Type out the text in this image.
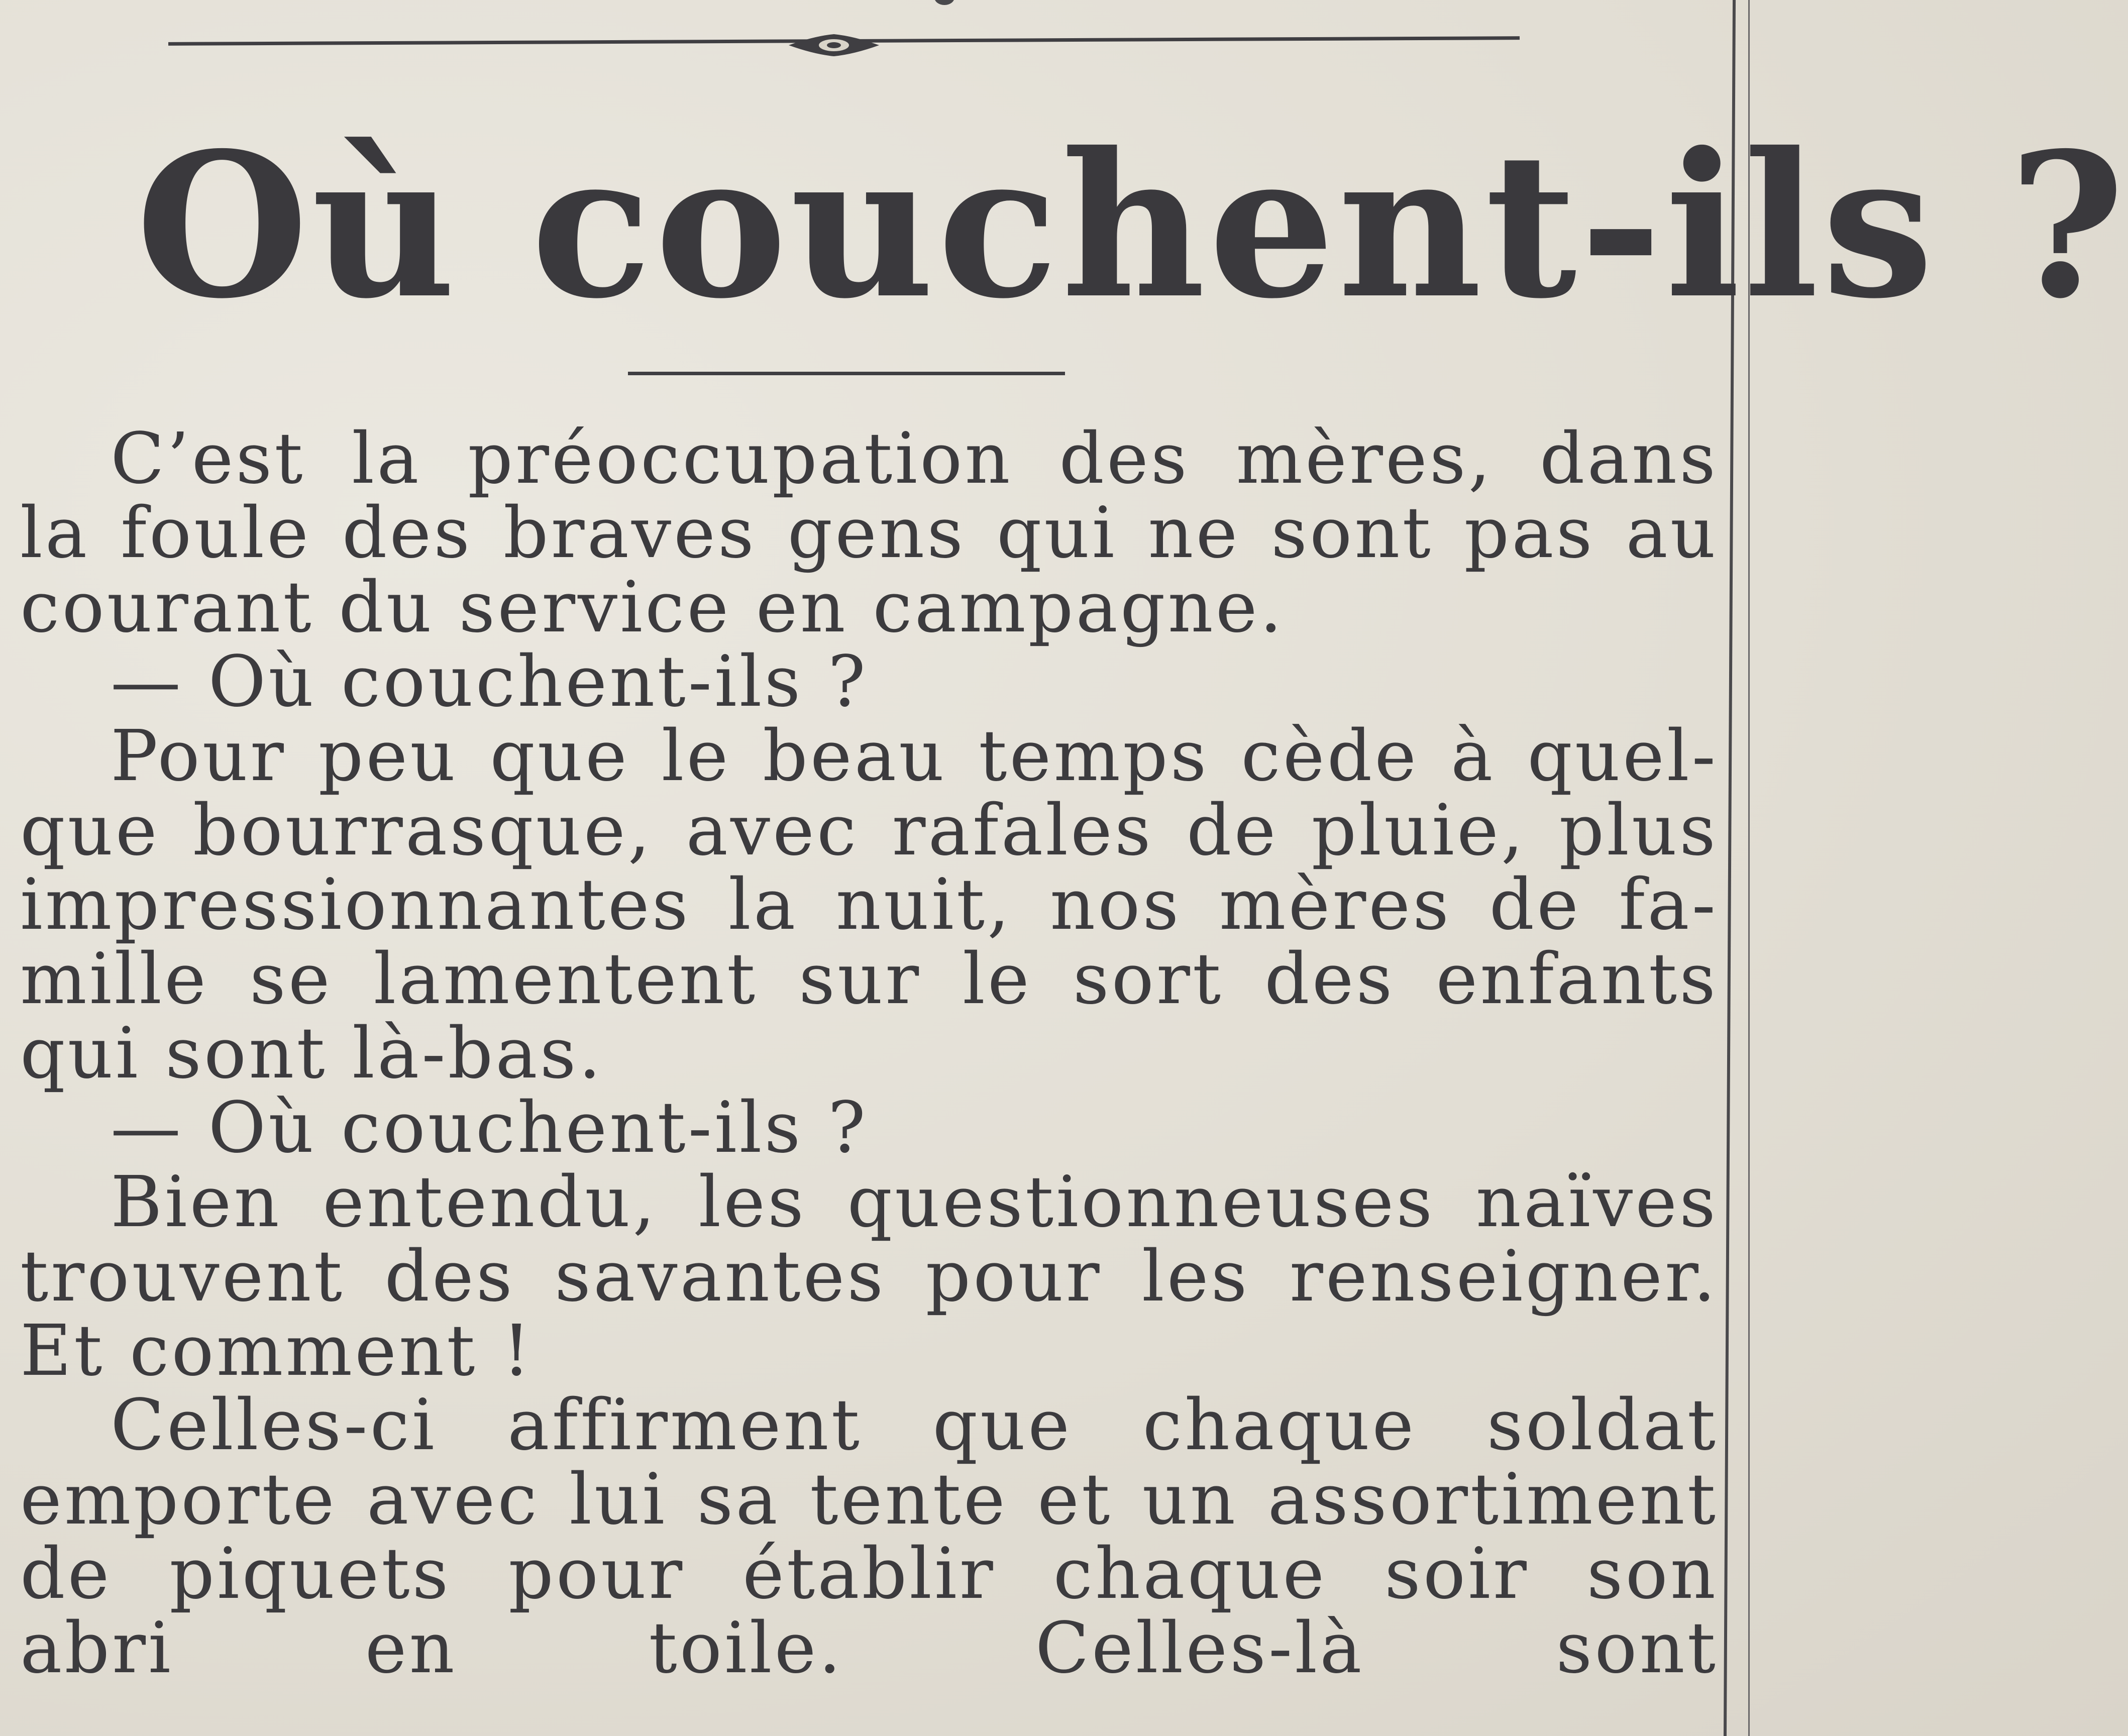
Où couchent-ils ?
C’est la préoccupation des mères, dans
la foule des braves gens qui ne sont pas au
courant du service en campagne.
— Où couchent-ils ?
Pour peu que le beau temps cède à quel-
que bourrasque, avec rafales de pluie, plus
impressionnantes la nuit, nos mères de fa-
mille se lamentent sur le sort des enfants
qui sont là-bas.
— Où couchent-ils ?
Bien entendu, les questionneuses naïves
trouvent des savantes pour les renseigner.
Et comment !
Celles-ci affirment que chaque soldat
emporte avec lui sa tente et un assortiment
de piquets pour établir chaque soir son
abri en toile. Celles-là sont
